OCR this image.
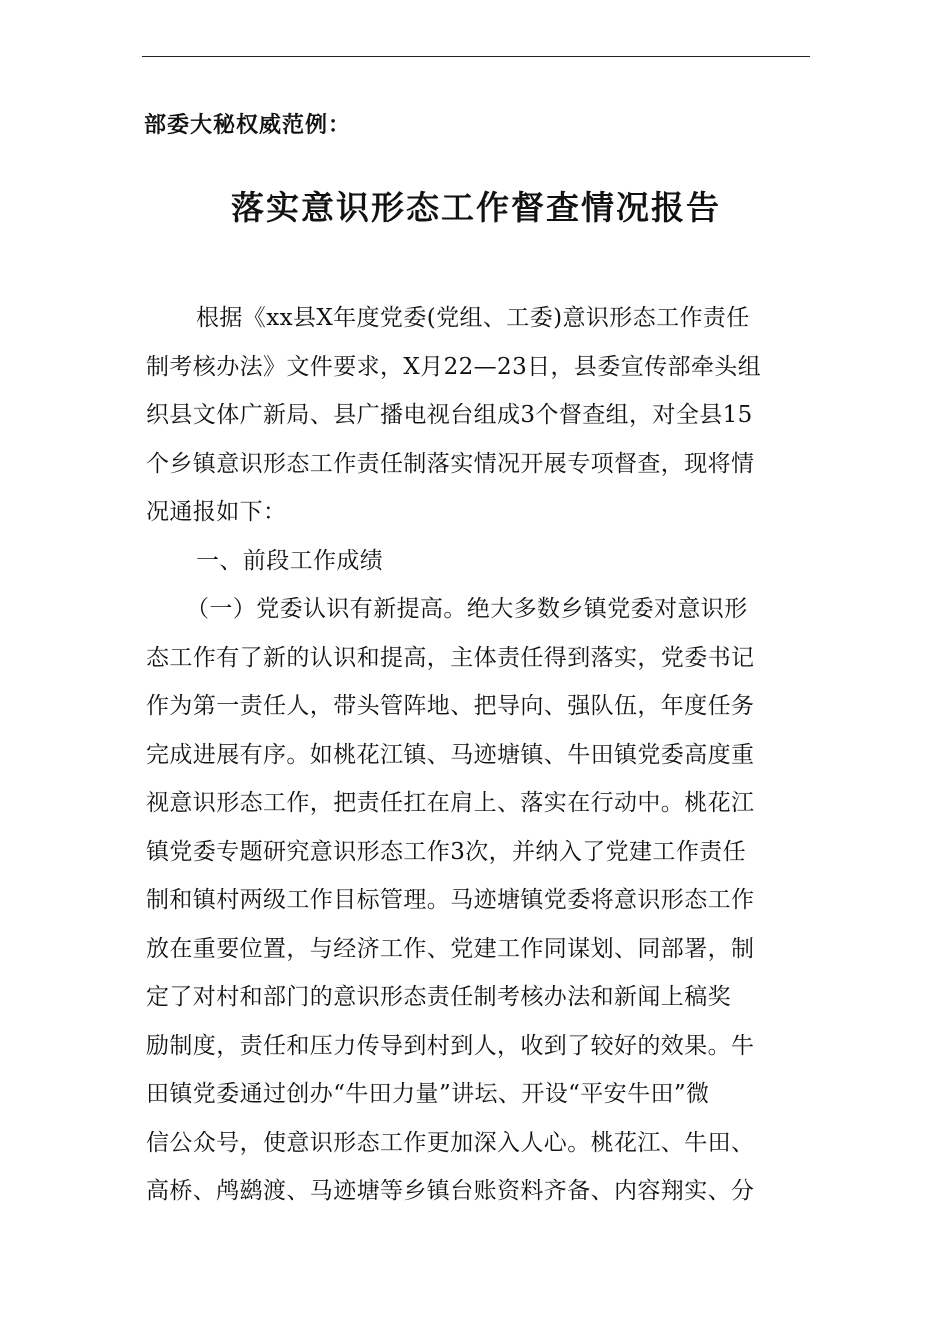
部委大秘权威范例：
落实意识形态工作督查情况报告
根据《xx县X年度党委(党组、工委)意识形态工作责任
制考核办法》文件要求，X月22—23日，县委宣传部牵头组
织县文体广新局、县广播电视台组成3个督查组，对全县15
个乡镇意识形态工作责任制落实情况开展专项督查，现将情
况通报如下：
一、前段工作成绩
（一）党委认识有新提高。绝大多数乡镇党委对意识形
态工作有了新的认识和提高，主体责任得到落实，党委书记
作为第一责任人，带头管阵地、把导向、强队伍，年度任务
完成进展有序。如桃花江镇、马迹塘镇、牛田镇党委高度重
视意识形态工作，把责任扛在肩上、落实在行动中。桃花江
镇党委专题研究意识形态工作3次，并纳入了党建工作责任
制和镇村两级工作目标管理。马迹塘镇党委将意识形态工作
放在重要位置，与经济工作、党建工作同谋划、同部署，制
定了对村和部门的意识形态责任制考核办法和新闻上稿奖
励制度，责任和压力传导到村到人，收到了较好的效果。牛
田镇党委通过创办“牛田力量”讲坛、开设“平安牛田”微
信公众号，使意识形态工作更加深入人心。桃花江、牛田、
高桥、鸬鹚渡、马迹塘等乡镇台账资料齐备、内容翔实、分
